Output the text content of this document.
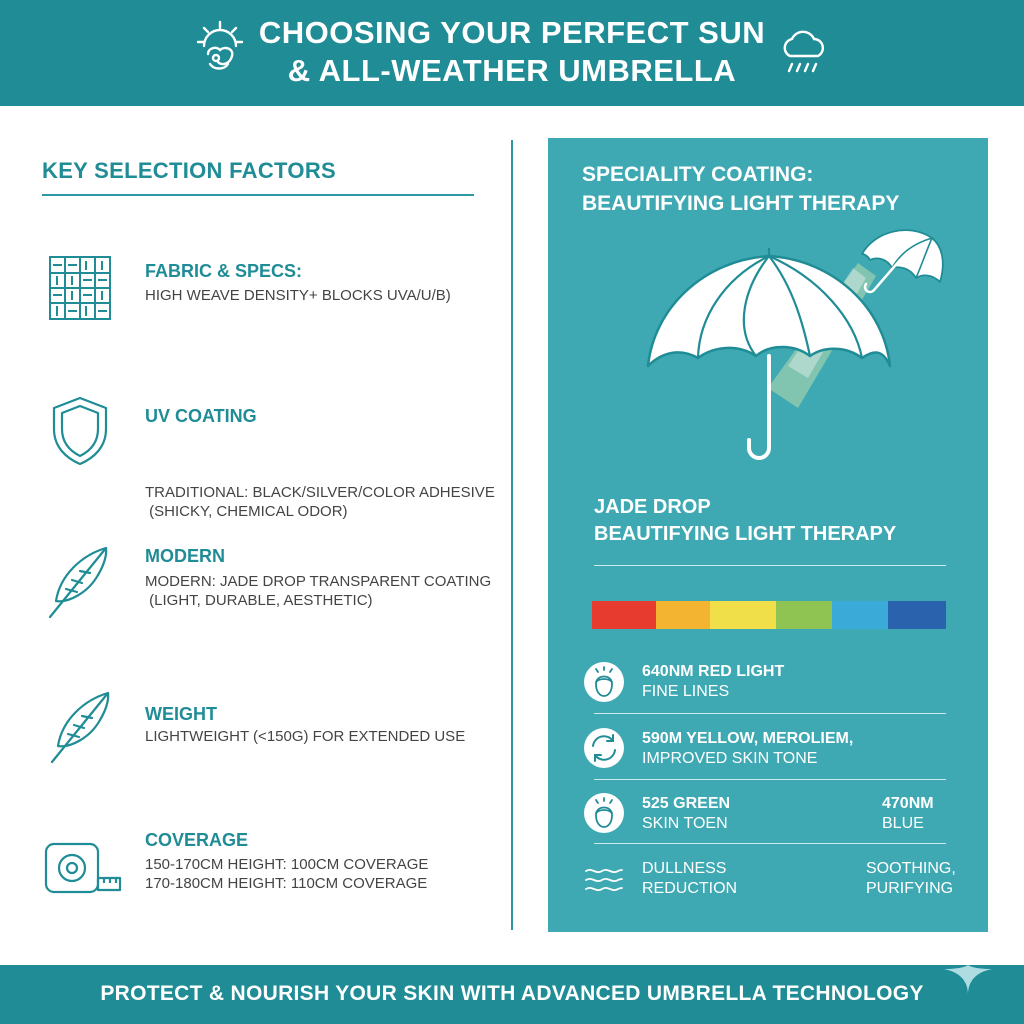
CHOOSING YOUR PERFECT SUN
& ALL-WEATHER UMBRELLA
KEY SELECTION FACTORS
FABRIC & SPECS:
HIGH WEAVE DENSITY+ BLOCKS UVA/U/B)
UV COATING
TRADITIONAL: BLACK/SILVER/COLOR ADHESIVE
(SHICKY, CHEMICAL ODOR)
MODERN
MODERN: JADE DROP TRANSPARENT COATING
(LIGHT, DURABLE, AESTHETIC)
WEIGHT
LIGHTWEIGHT (<150G) FOR EXTENDED USE
COVERAGE
150-170CM HEIGHT: 100CM COVERAGE
170-180CM HEIGHT: 110CM COVERAGE
SPECIALITY COATING:
BEAUTIFYING LIGHT THERAPY
JADE DROP
BEAUTIFYING LIGHT THERAPY
640NM RED LIGHT
FINE LINES
590M YELLOW, MEROLIEM,
IMPROVED SKIN TONE
525 GREEN
SKIN TOEN
470NM
BLUE
DULLNESS
REDUCTION
SOOTHING,
PURIFYING
PROTECT & NOURISH YOUR SKIN WITH ADVANCED UMBRELLA TECHNOLOGY
